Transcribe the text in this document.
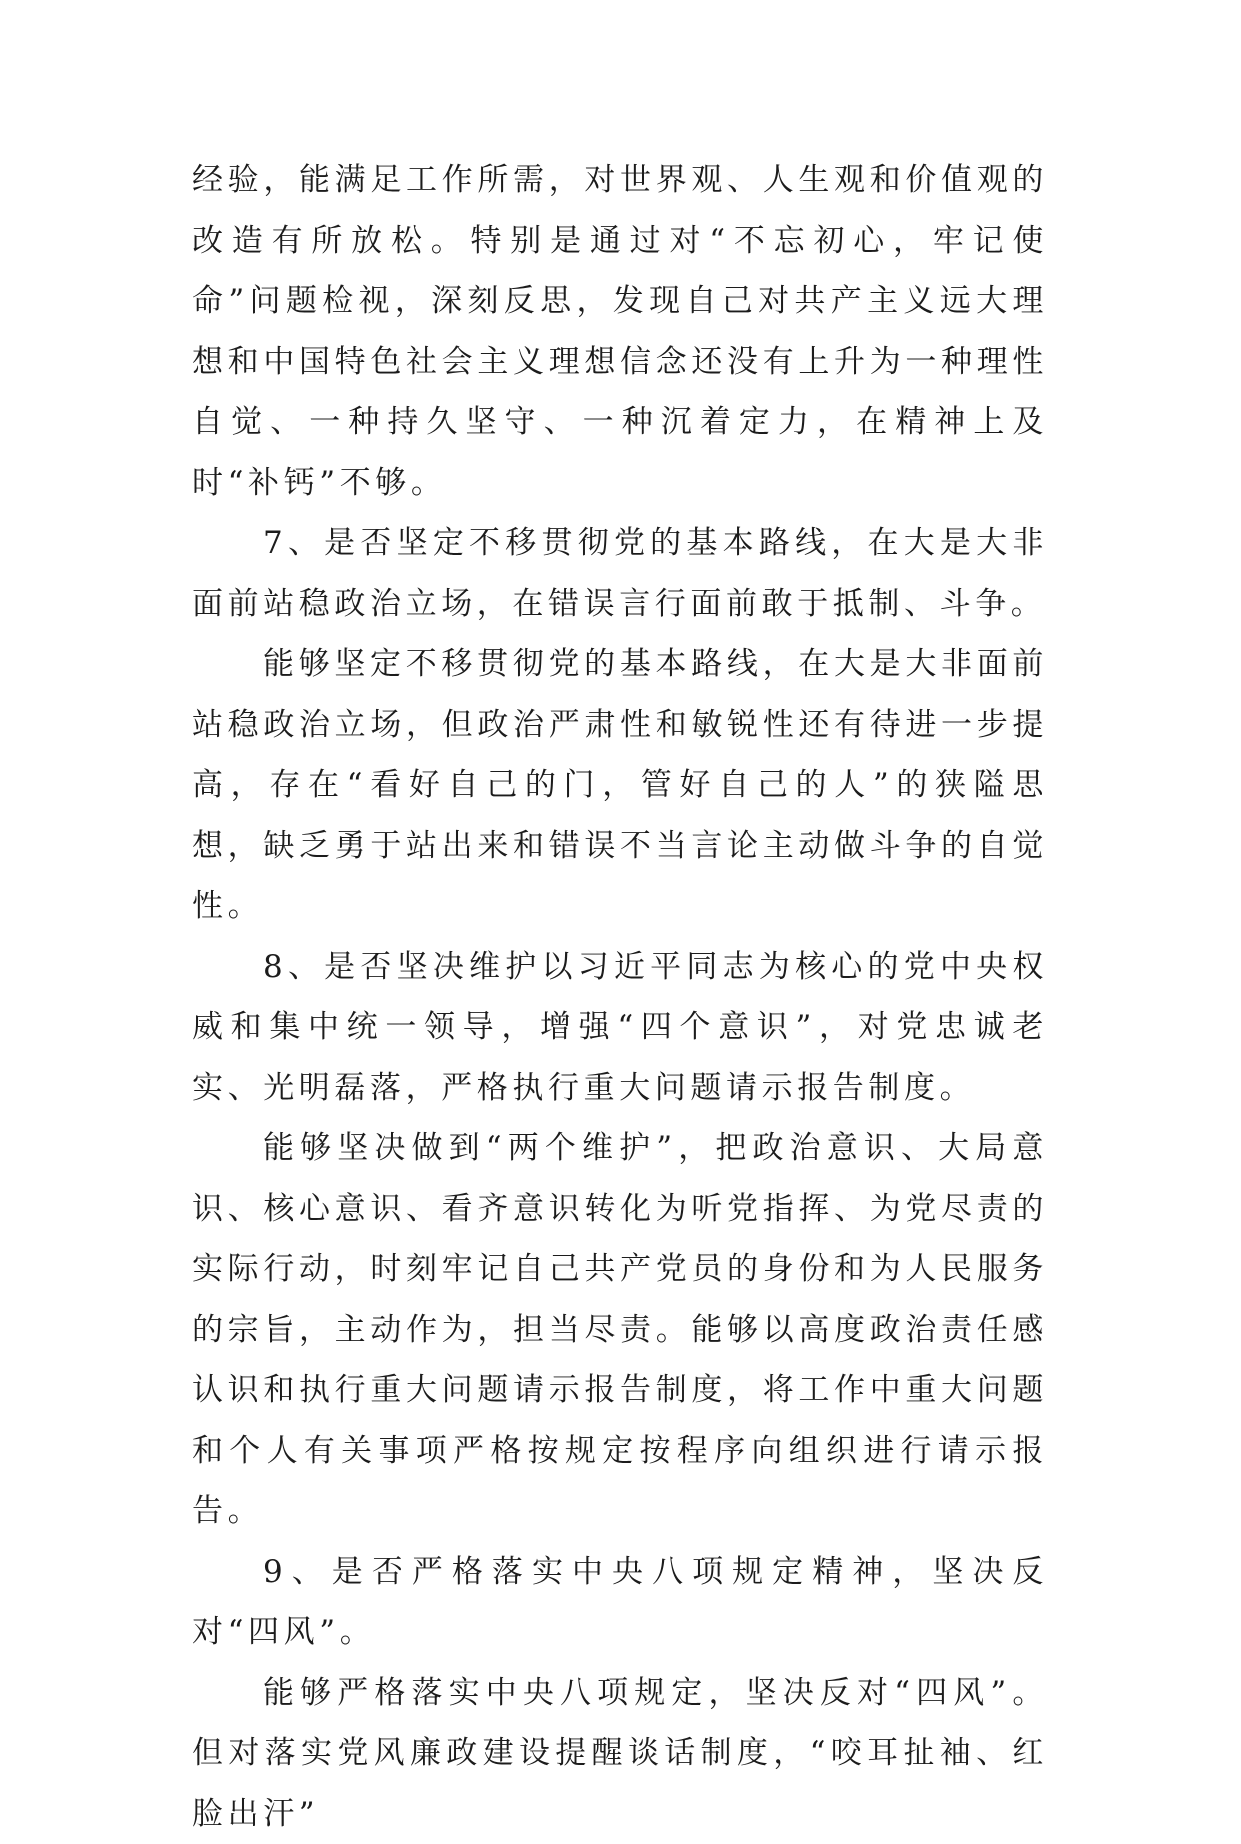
经验，能满足工作所需，对世界观、人生观和价值观的改造有所放松。特别是通过对“不忘初心，牢记使命”问题检视，深刻反思，发现自己对共产主义远大理想和中国特色社会主义理想信念还没有上升为一种理性自觉、一种持久坚守、一种沉着定力，在精神上及时“补钙”不够。

7、是否坚定不移贯彻党的基本路线，在大是大非面前站稳政治立场，在错误言行面前敢于抵制、斗争。

能够坚定不移贯彻党的基本路线，在大是大非面前站稳政治立场，但政治严肃性和敏锐性还有待进一步提高，存在“看好自己的门，管好自己的人”的狭隘思想，缺乏勇于站出来和错误不当言论主动做斗争的自觉性。

8、是否坚决维护以习近平同志为核心的党中央权威和集中统一领导，增强“四个意识”，对党忠诚老实、光明磊落，严格执行重大问题请示报告制度。

能够坚决做到“两个维护”，把政治意识、大局意识、核心意识、看齐意识转化为听党指挥、为党尽责的实际行动，时刻牢记自己共产党员的身份和为人民服务的宗旨，主动作为，担当尽责。能够以高度政治责任感认识和执行重大问题请示报告制度，将工作中重大问题和个人有关事项严格按规定按程序向组织进行请示报告。

9、是否严格落实中央八项规定精神，坚决反对“四风”。

能够严格落实中央八项规定，坚决反对“四风”。但对落实党风廉政建设提醒谈话制度，“咬耳扯袖、红脸出汗”
